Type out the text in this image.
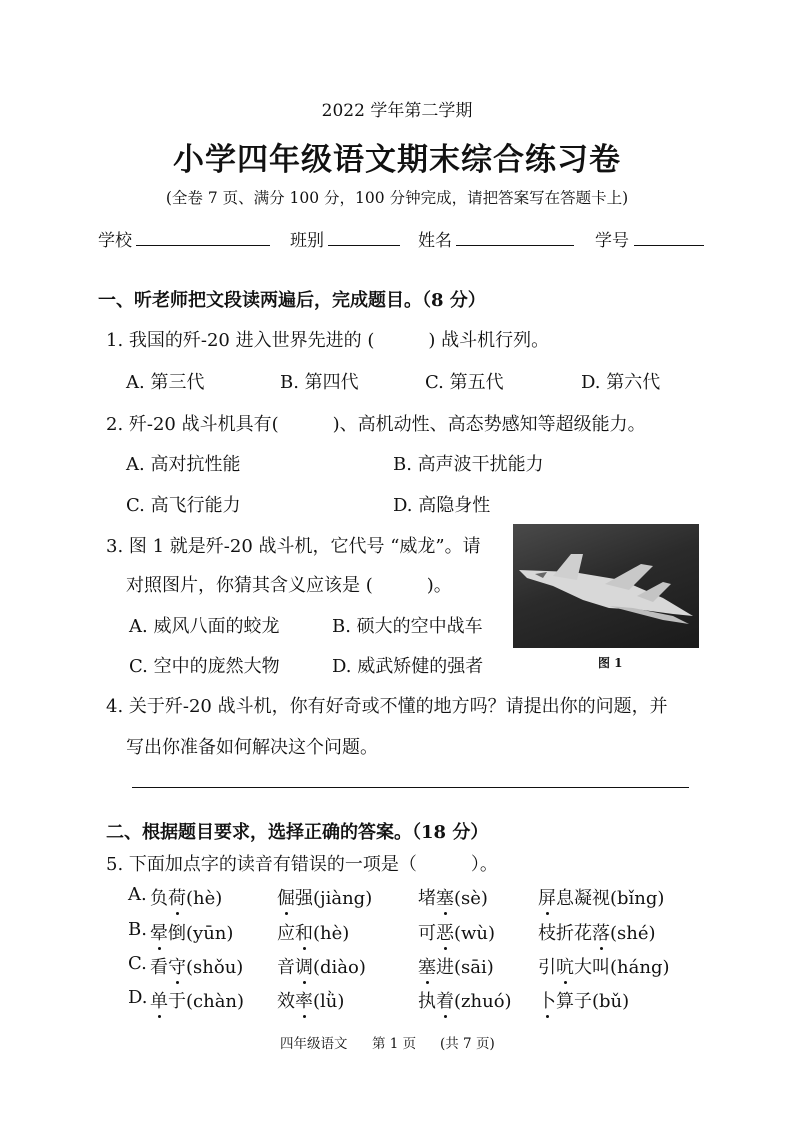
2022 学年第二学期
小学四年级语文期末综合练习卷
(全卷 7 页、满分 100 分，100 分钟完成，请把答案写在答题卡上)
学校	班别	姓名	学号
一、听老师把文段读两遍后，完成题目。（8 分）
1. 我国的歼-20 进入世界先进的 (　　　) 战斗机行列。
A. 第三代	B. 第四代	C. 第五代	D. 第六代
2. 歼-20 战斗机具有(　　　)、高机动性、高态势感知等超级能力。
A. 高对抗性能	B. 高声波干扰能力
C. 高飞行能力	D. 高隐身性
3. 图 1 就是歼-20 战斗机，它代号 “威龙”。请
对照图片，你猜其含义应该是 (　　　)。
A. 威风八面的蛟龙	B. 硕大的空中战车
C. 空中的庞然大物	D. 威武矫健的强者	图 1
4. 关于歼-20 战斗机，你有好奇或不懂的地方吗？请提出你的问题，并
写出你准备如何解决这个问题。
二、根据题目要求，选择正确的答案。（18 分）
5. 下面加点字的读音有错误的一项是（　　　）。
A. 负荷(hè)	倔强(jiàng)	堵塞(sè)	屏息凝视(bǐng)
B. 晕倒(yūn) 应和(hè)	可恶(wù) 枝折花落(shé)
C. 看守(shǒu) 音调(diào)	塞进(sāi) 引吭大叫(háng)
D. 单于(chàn) 效率(lǜ)	执着(zhuó) 卜算子(bǔ)
四年级语文 第 1 页 (共 7 页)
